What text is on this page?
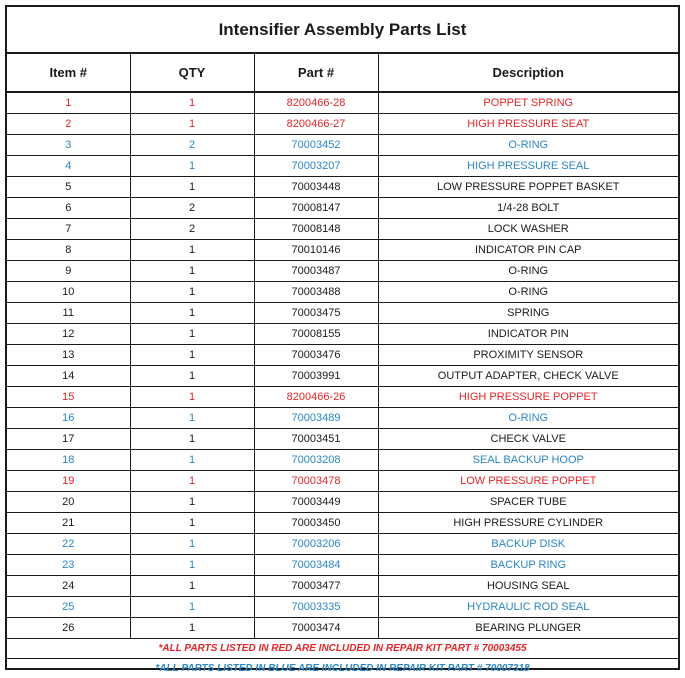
Intensifier Assembly Parts List
Item #	QTY	Part #	Description
1	1	8200466-28	POPPET SPRING
2	1	8200466-27	HIGH PRESSURE SEAT
3	2	70003452	O-RING
4	1	70003207	HIGH PRESSURE SEAL
5	1	70003448	LOW PRESSURE POPPET BASKET
6	2	70008147	1/4-28 BOLT
7	2	70008148	LOCK WASHER
8	1	70010146	INDICATOR PIN CAP
9	1	70003487	O-RING
10	1	70003488	O-RING
11	1	70003475	SPRING
12	1	70008155	INDICATOR PIN
13	1	70003476	PROXIMITY SENSOR
14	1	70003991	OUTPUT ADAPTER, CHECK VALVE
15	1	8200466-26	HIGH PRESSURE POPPET
16	1	70003489	O-RING
17	1	70003451	CHECK VALVE
18	1	70003208	SEAL BACKUP HOOP
19	1	70003478	LOW PRESSURE POPPET
20	1	70003449	SPACER TUBE
21	1	70003450	HIGH PRESSURE CYLINDER
22	1	70003206	BACKUP DISK
23	1	70003484	BACKUP RING
24	1	70003477	HOUSING SEAL
25	1	70003335	HYDRAULIC ROD SEAL
26	1	70003474	BEARING PLUNGER
*ALL PARTS LISTED IN RED ARE INCLUDED IN REPAIR KIT PART # 70003455
*ALL PARTS LISTED IN BLUE ARE INCLUDED IN REPAIR KIT PART # 70007318
